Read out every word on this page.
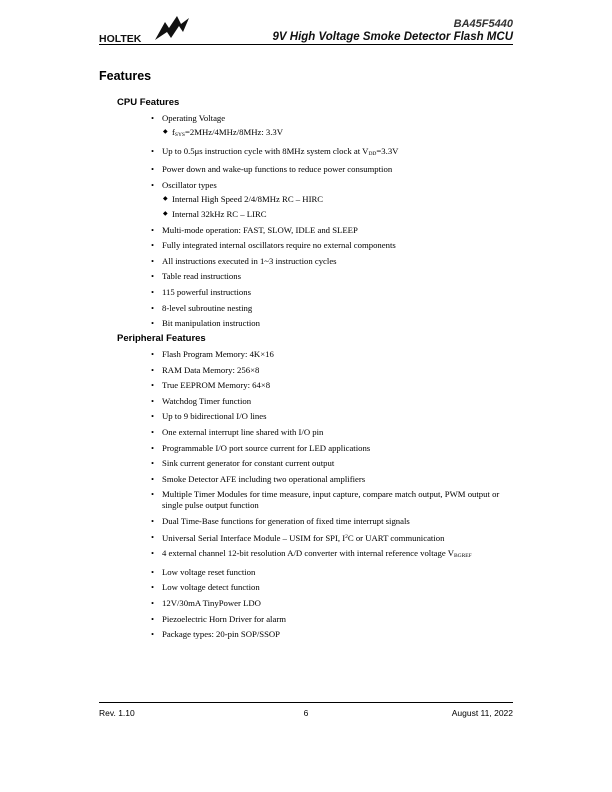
HOLTEK
BA45F5440
9V High Voltage Smoke Detector Flash MCU
Features
CPU Features
• Operating Voltage
◆ $f_{SYS}=2MHz/4MHz/8MHz$: 3.3V
• Up to 0.5μs instruction cycle with 8MHz system clock at $V_{DD}=3.3V$
• Power down and wake-up functions to reduce power consumption
• Oscillator types
◆ Internal High Speed 2/4/8MHz RC – HIRC
◆ Internal 32kHz RC – LIRC
• Multi-mode operation: FAST, SLOW, IDLE and SLEEP
• Fully integrated internal oscillators require no external components
• All instructions executed in 1~3 instruction cycles
• Table read instructions
• 115 powerful instructions
• 8-level subroutine nesting
• Bit manipulation instruction
Peripheral Features
• Flash Program Memory: 4K×16
• RAM Data Memory: 256×8
• True EEPROM Memory: 64×8
• Watchdog Timer function
• Up to 9 bidirectional I/O lines
• One external interrupt line shared with I/O pin
• Programmable I/O port source current for LED applications
• Sink current generator for constant current output
• Smoke Detector AFE including two operational amplifiers
• Multiple Timer Modules for time measure, input capture, compare match output, PWM output or single pulse output function
• Dual Time-Base functions for generation of fixed time interrupt signals
• Universal Serial Interface Module – USIM for SPI, $I^2C$ or UART communication
• 4 external channel 12-bit resolution A/D converter with internal reference voltage $V_{BGREF}$
• Low voltage reset function
• Low voltage detect function
• 12V/30mA TinyPower LDO
• Piezoelectric Horn Driver for alarm
• Package types: 20-pin SOP/SSOP
Rev. 1.10	6	August 11, 2022
